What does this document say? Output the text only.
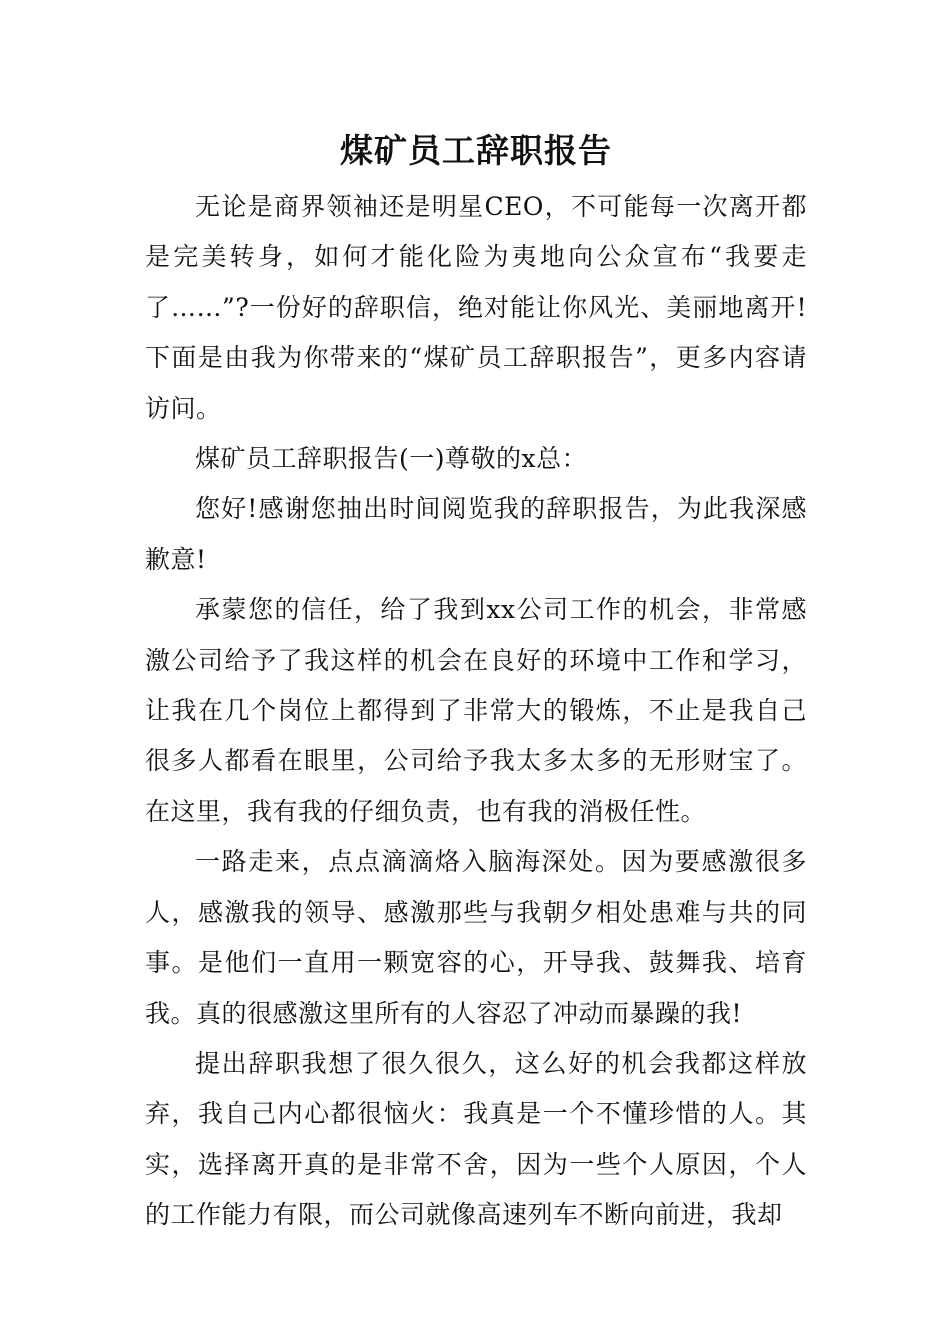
煤矿员工辞职报告

无论是商界领袖还是明星CEO，不可能每一次离开都是完美转身，如何才能化险为夷地向公众宣布“我要走了……”?一份好的辞职信，绝对能让你风光、美丽地离开!下面是由我为你带来的“煤矿员工辞职报告”，更多内容请访问。

煤矿员工辞职报告(一)尊敬的x总：

您好!感谢您抽出时间阅览我的辞职报告，为此我深感歉意!

承蒙您的信任，给了我到xx公司工作的机会，非常感激公司给予了我这样的机会在良好的环境中工作和学习，让我在几个岗位上都得到了非常大的锻炼，不止是我自己很多人都看在眼里，公司给予我太多太多的无形财宝了。在这里，我有我的仔细负责，也有我的消极任性。

一路走来，点点滴滴烙入脑海深处。因为要感激很多人，感激我的领导、感激那些与我朝夕相处患难与共的同事。是他们一直用一颗宽容的心，开导我、鼓舞我、培育我。真的很感激这里所有的人容忍了冲动而暴躁的我!

提出辞职我想了很久很久，这么好的机会我都这样放弃，我自己内心都很恼火：我真是一个不懂珍惜的人。其实，选择离开真的是非常不舍，因为一些个人原因，个人的工作能力有限，而公司就像高速列车不断向前进，我却
